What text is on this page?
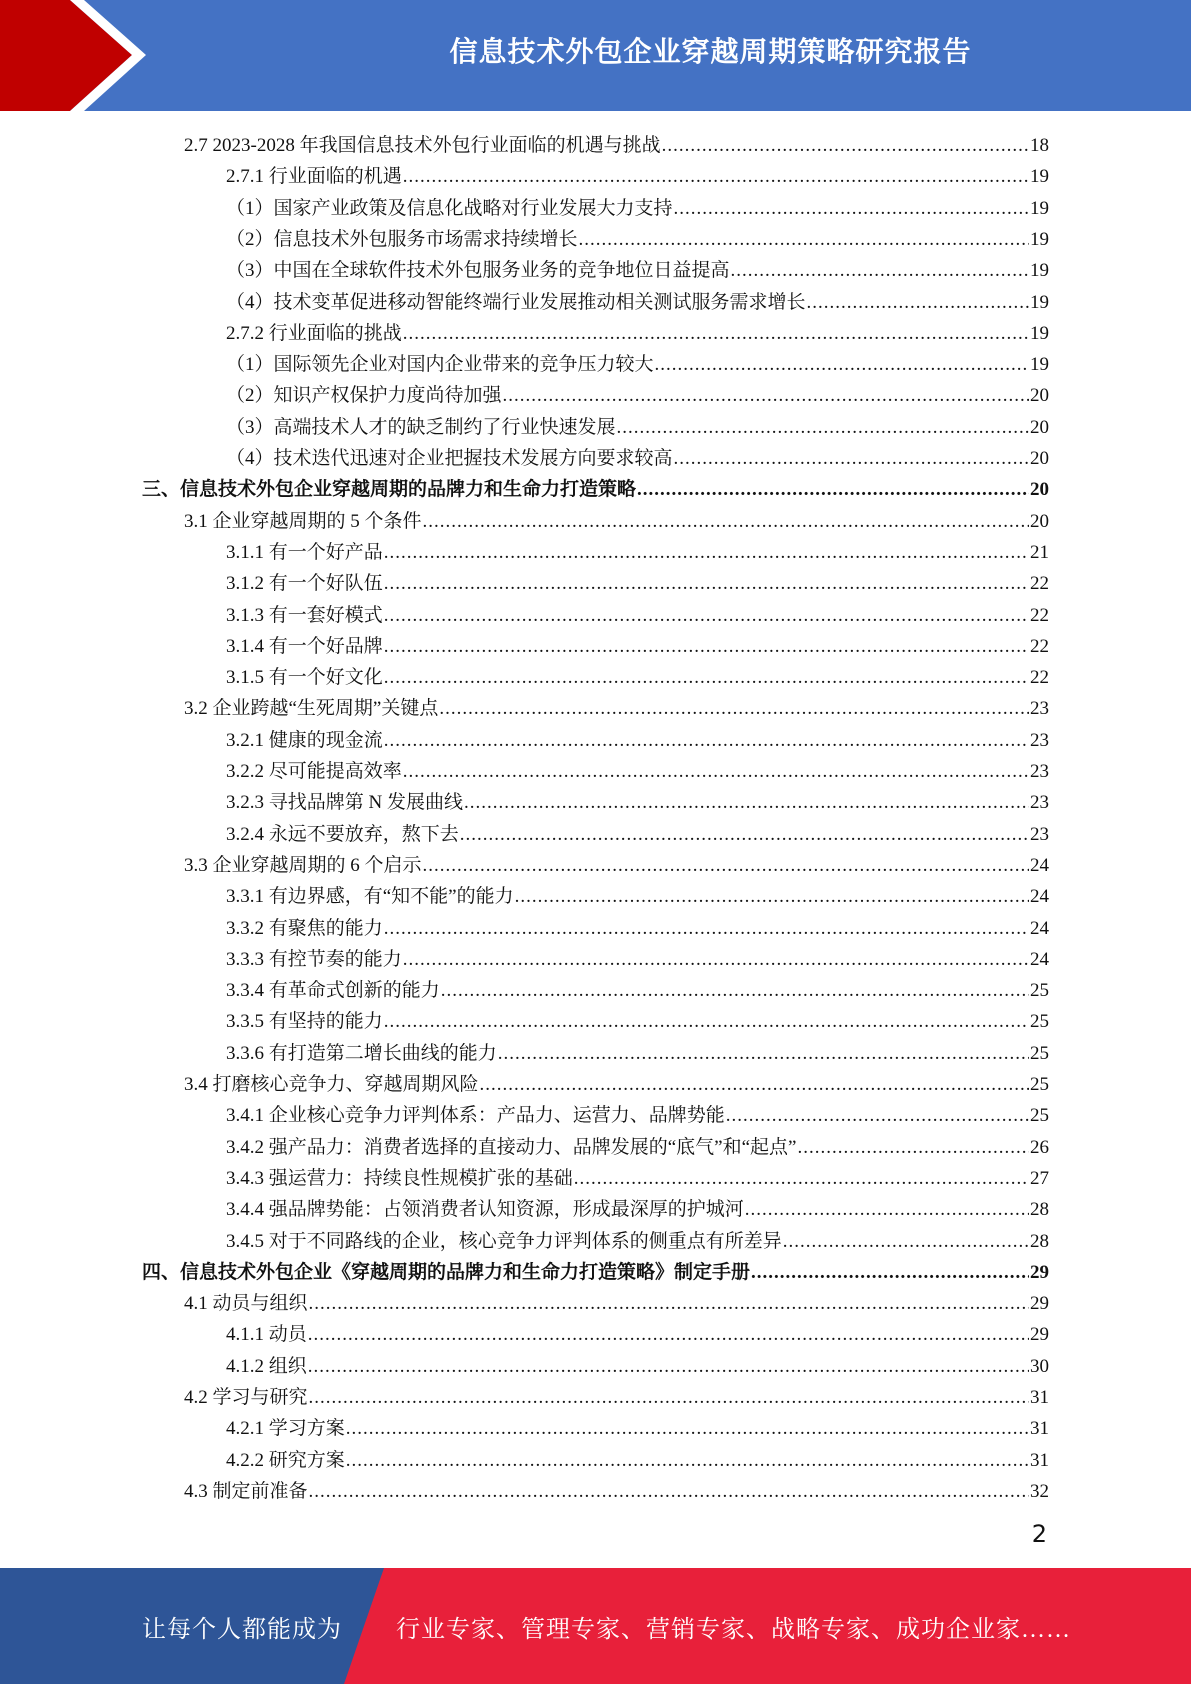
信息技术外包企业穿越周期策略研究报告
2.7 2023-2028 年我国信息技术外包行业面临的机遇与挑战 .....	18
2.7.1 行业面临的机遇 .....	19
（1）国家产业政策及信息化战略对行业发展大力支持 .....	19
（2）信息技术外包服务市场需求持续增长 .....	19
（3）中国在全球软件技术外包服务业务的竞争地位日益提高 .....	19
（4）技术变革促进移动智能终端行业发展推动相关测试服务需求增长 .....	19
2.7.2 行业面临的挑战 .....	19
（1）国际领先企业对国内企业带来的竞争压力较大 .....	19
（2）知识产权保护力度尚待加强 .....	20
（3）高端技术人才的缺乏制约了行业快速发展 .....	20
（4）技术迭代迅速对企业把握技术发展方向要求较高 .....	20
三、信息技术外包企业穿越周期的品牌力和生命力打造策略 .....	20
3.1 企业穿越周期的 5 个条件 .....	20
3.1.1 有一个好产品 .....	21
3.1.2 有一个好队伍 .....	22
3.1.3 有一套好模式 .....	22
3.1.4 有一个好品牌 .....	22
3.1.5 有一个好文化 .....	22
3.2 企业跨越“生死周期”关键点 .....	23
3.2.1 健康的现金流 .....	23
3.2.2 尽可能提高效率 .....	23
3.2.3 寻找品牌第 N 发展曲线 .....	23
3.2.4 永远不要放弃，熬下去 .....	23
3.3 企业穿越周期的 6 个启示 .....	24
3.3.1 有边界感，有“知不能”的能力 .....	24
3.3.2 有聚焦的能力 .....	24
3.3.3 有控节奏的能力 .....	24
3.3.4 有革命式创新的能力 .....	25
3.3.5 有坚持的能力 .....	25
3.3.6 有打造第二增长曲线的能力 .....	25
3.4 打磨核心竞争力、穿越周期风险 .....	25
3.4.1 企业核心竞争力评判体系：产品力、运营力、品牌势能 .....	25
3.4.2 强产品力：消费者选择的直接动力、品牌发展的“底气”和“起点” .....	26
3.4.3 强运营力：持续良性规模扩张的基础 .....	27
3.4.4 强品牌势能：占领消费者认知资源，形成最深厚的护城河 .....	28
3.4.5 对于不同路线的企业，核心竞争力评判体系的侧重点有所差异 .....	28
四、信息技术外包企业《穿越周期的品牌力和生命力打造策略》制定手册 .....	29
4.1 动员与组织 .....	29
4.1.1 动员 .....	29
4.1.2 组织 .....	30
4.2 学习与研究 .....	31
4.2.1 学习方案 .....	31
4.2.2 研究方案 .....	31
4.3 制定前准备 .....	32
2
让每个人都能成为 行业专家、管理专家、营销专家、战略专家、成功企业家……
